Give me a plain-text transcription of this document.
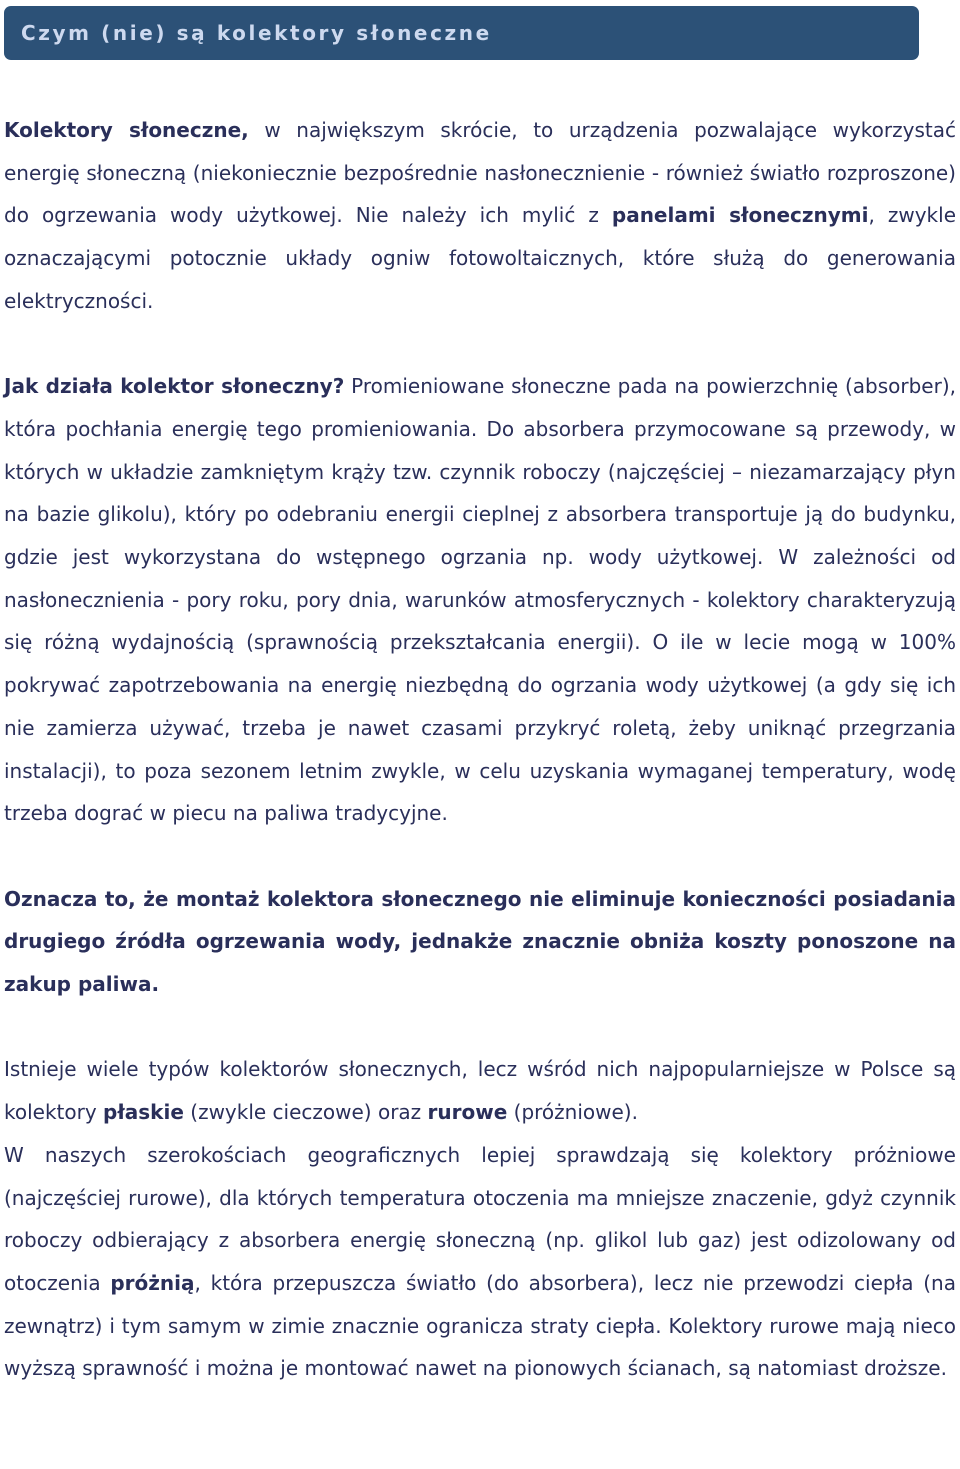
Czym (nie) są kolektory słoneczne

Kolektory słoneczne, w największym skrócie, to urządzenia pozwalające wykorzystać energię słoneczną (niekoniecznie bezpośrednie nasłonecznienie - również światło rozproszone) do ogrzewania wody użytkowej. Nie należy ich mylić z panelami słonecznymi, zwykle oznaczającymi potocznie układy ogniw fotowoltaicznych, które służą do generowania elektryczności.

Jak działa kolektor słoneczny? Promieniowane słoneczne pada na powierzchnię (absorber), która pochłania energię tego promieniowania. Do absorbera przymocowane są przewody, w których w układzie zamkniętym krąży tzw. czynnik roboczy (najczęściej – niezamarzający płyn na bazie glikolu), który po odebraniu energii cieplnej z absorbera transportuje ją do budynku, gdzie jest wykorzystana do wstępnego ogrzania np. wody użytkowej. W zależności od nasłonecznienia - pory roku, pory dnia, warunków atmosferycznych - kolektory charakteryzują się różną wydajnością (sprawnością przekształcania energii). O ile w lecie mogą w 100% pokrywać zapotrzebowania na energię niezbędną do ogrzania wody użytkowej (a gdy się ich nie zamierza używać, trzeba je nawet czasami przykryć roletą, żeby uniknąć przegrzania instalacji), to poza sezonem letnim zwykle, w celu uzyskania wymaganej temperatury, wodę trzeba dograć w piecu na paliwa tradycyjne.

Oznacza to, że montaż kolektora słonecznego nie eliminuje konieczności posiadania drugiego źródła ogrzewania wody, jednakże znacznie obniża koszty ponoszone na zakup paliwa.

Istnieje wiele typów kolektorów słonecznych, lecz wśród nich najpopularniejsze w Polsce są kolektory płaskie (zwykle cieczowe) oraz rurowe (próżniowe).

W naszych szerokościach geograficznych lepiej sprawdzają się kolektory próżniowe (najczęściej rurowe), dla których temperatura otoczenia ma mniejsze znaczenie, gdyż czynnik roboczy odbierający z absorbera energię słoneczną (np. glikol lub gaz) jest odizolowany od otoczenia próżnią, która przepuszcza światło (do absorbera), lecz nie przewodzi ciepła (na zewnątrz) i tym samym w zimie znacznie ogranicza straty ciepła. Kolektory rurowe mają nieco wyższą sprawność i można je montować nawet na pionowych ścianach, są natomiast droższe.
